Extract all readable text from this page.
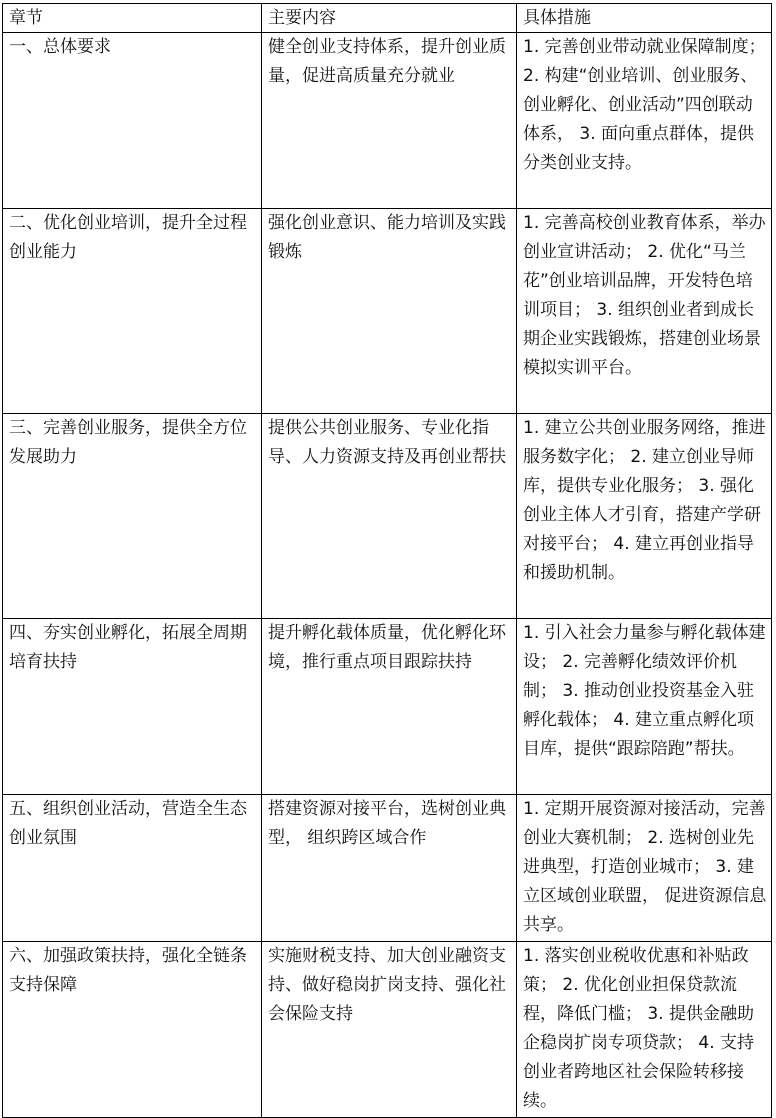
章节	主要内容	具体措施
一、总体要求	健全创业支持体系，提升创业质量，促进高质量充分就业	1. 完善创业带动就业保障制度； 2. 构建“创业培训、创业服务、创业孵化、创业活动”四创联动体系， 3. 面向重点群体，提供分类创业支持。
二、优化创业培训，提升全过程创业能力	强化创业意识、能力培训及实践锻炼	1. 完善高校创业教育体系，举办创业宣讲活动； 2. 优化“马兰花”创业培训品牌，开发特色培训项目； 3. 组织创业者到成长期企业实践锻炼，搭建创业场景模拟实训平台。
三、完善创业服务，提供全方位发展助力	提供公共创业服务、专业化指导、人力资源支持及再创业帮扶	1. 建立公共创业服务网络，推进服务数字化； 2. 建立创业导师库，提供专业化服务； 3. 强化创业主体人才引育，搭建产学研对接平台； 4. 建立再创业指导和援助机制。
四、夯实创业孵化，拓展全周期培育扶持	提升孵化载体质量，优化孵化环境，推行重点项目跟踪扶持	1. 引入社会力量参与孵化载体建设； 2. 完善孵化绩效评价机制； 3. 推动创业投资基金入驻孵化载体； 4. 建立重点孵化项目库，提供“跟踪陪跑”帮扶。
五、组织创业活动，营造全生态创业氛围	搭建资源对接平台，选树创业典型， 组织跨区域合作	1. 定期开展资源对接活动，完善创业大赛机制； 2. 选树创业先进典型，打造创业城市； 3. 建立区域创业联盟， 促进资源信息共享。
六、加强政策扶持，强化全链条支持保障	实施财税支持、加大创业融资支持、做好稳岗扩岗支持、强化社会保险支持	1. 落实创业税收优惠和补贴政策； 2. 优化创业担保贷款流程，降低门槛； 3. 提供金融助企稳岗扩岗专项贷款； 4. 支持创业者跨地区社会保险转移接续。
